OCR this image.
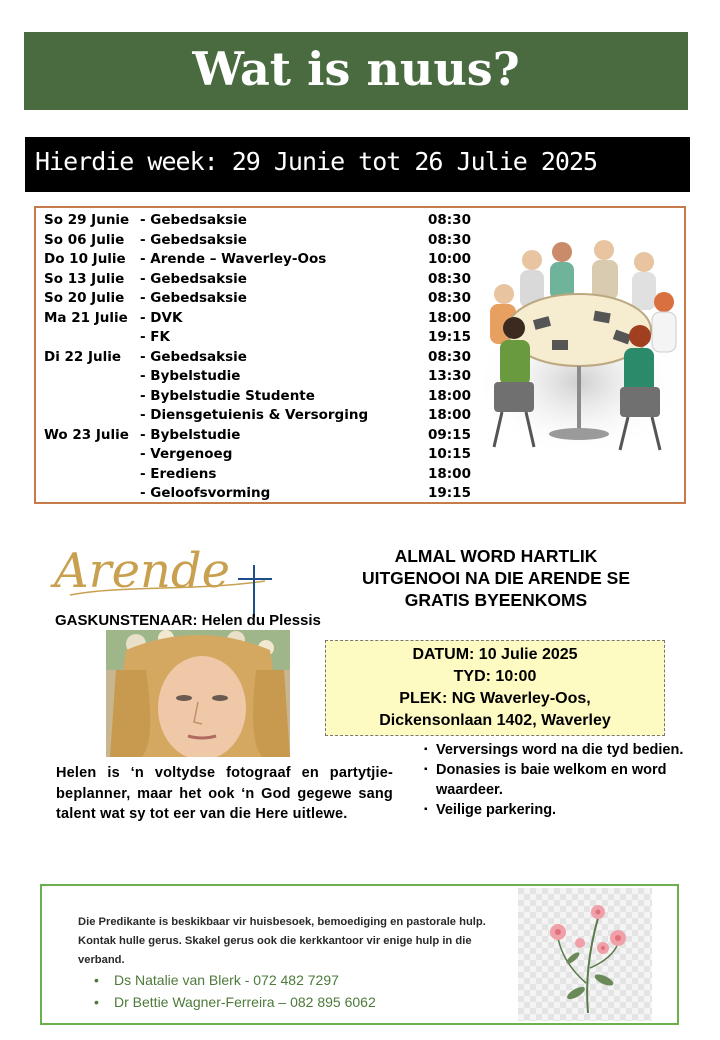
Wat is nuus?
Hierdie week: 29 Junie tot 26 Julie 2025
So 29 Junie - Gebedsaksie	08:30
So 06 Julie - Gebedsaksie	08:30
Do 10 Julie - Arende – Waverley-Oos	10:00
So 13 Julie - Gebedsaksie	08:30
So 20 Julie - Gebedsaksie	08:30
Ma 21 Julie - DVK	18:00
- FK	19:15
Di 22 Julie - Gebedsaksie	08:30
- Bybelstudie	13:30
- Bybelstudie Studente	18:00
- Diensgetuienis & Versorging	18:00
Wo 23 Julie - Bybelstudie	09:15
- Vergenoeg	10:15
- Erediens	18:00
- Geloofsvorming	19:15
Arende	ALMAL WORD HARTLIK
UITGENOOI NA DIE ARENDE SE
GRATIS BYEENKOMS
GASKUNSTENAAR: Helen du Plessis
DATUM: 10 Julie 2025
TYD: 10:00
PLEK: NG Waverley-Oos,
Dickensonlaan 1402, Waverley
Helen is ‘n voltydse fotograaf en partytjie-beplanner, maar het ook ‘n God gegewe sang talent wat sy tot eer van die Here uitlewe.
▪ Verversings word na die tyd bedien.
▪ Donasies is baie welkom en word waardeer.
▪ Veilige parkering.
Die Predikante is beskikbaar vir huisbesoek, bemoediging en pastorale hulp. Kontak hulle gerus. Skakel gerus ook die kerkkantoor vir enige hulp in die verband.
• Ds Natalie van Blerk - 072 482 7297
• Dr Bettie Wagner-Ferreira – 082 895 6062
